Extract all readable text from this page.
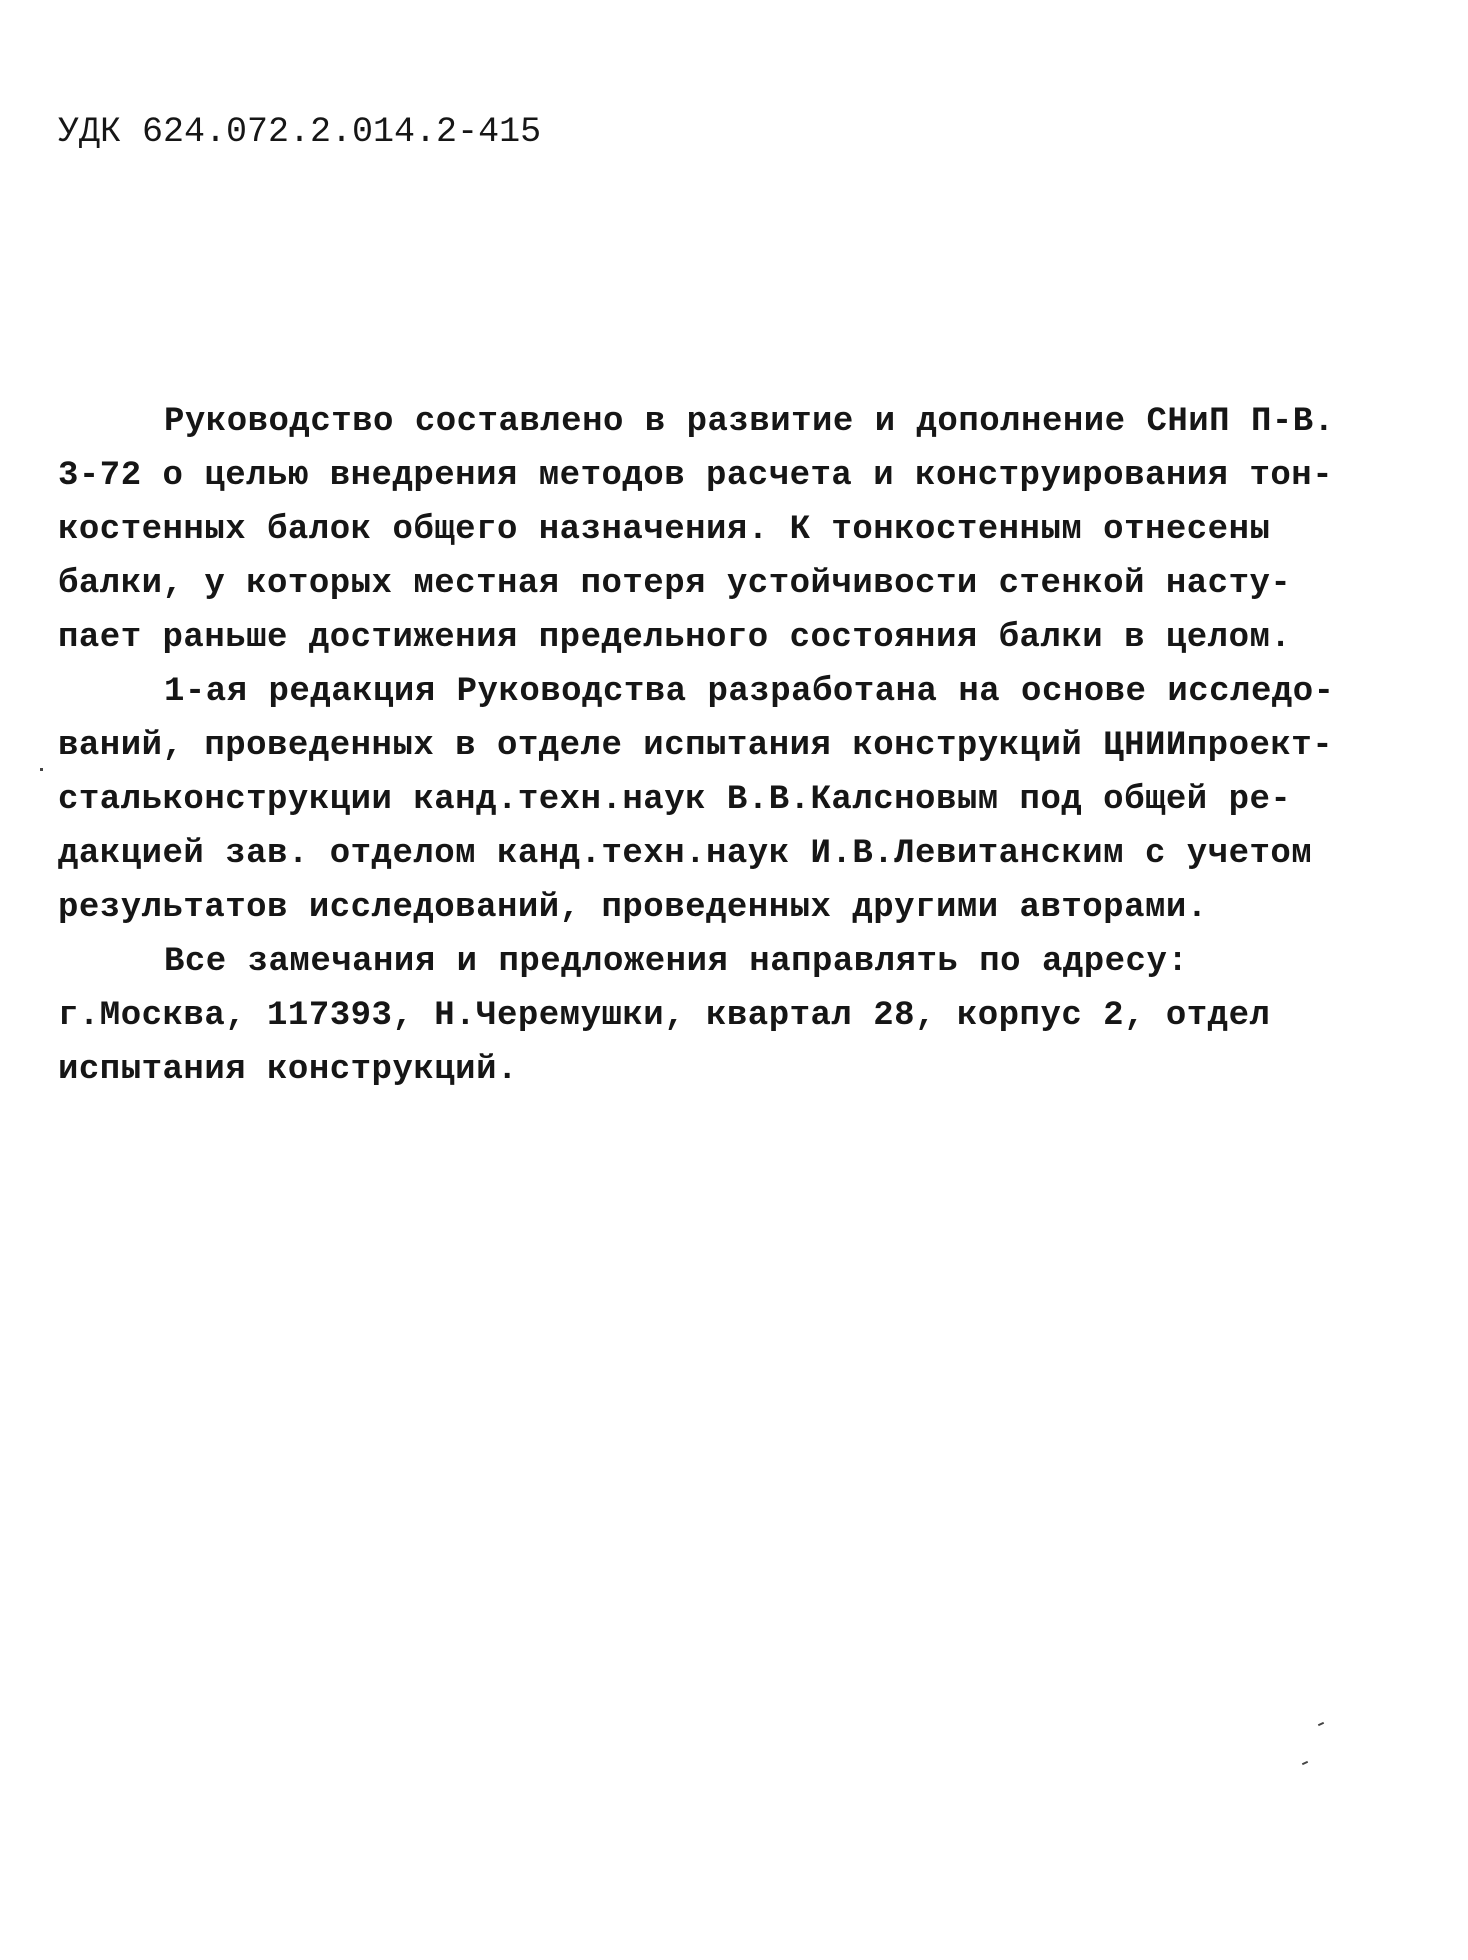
УДК 624.072.2.014.2-415
Руководство составлено в развитие и дополнение СНиП П-В.
3-72 о целью внедрения методов расчета и конструирования тон-
костенных балок общего назначения. К тонкостенным отнесены
балки, у которых местная потеря устойчивости стенкой насту-
пает раньше достижения предельного состояния балки в целом.
1-ая редакция Руководства разработана на основе исследо-
ваний, проведенных в отделе испытания конструкций ЦНИИпроект-
стальконструкции канд.техн.наук В.В.Калсновым под общей ре-
дакцией зав. отделом канд.техн.наук И.В.Левитанским с учетом
результатов исследований, проведенных другими авторами.
Все замечания и предложения направлять по адресу:
г.Москва, 117393, Н.Черемушки, квартал 28, корпус 2, отдел
испытания конструкций.
